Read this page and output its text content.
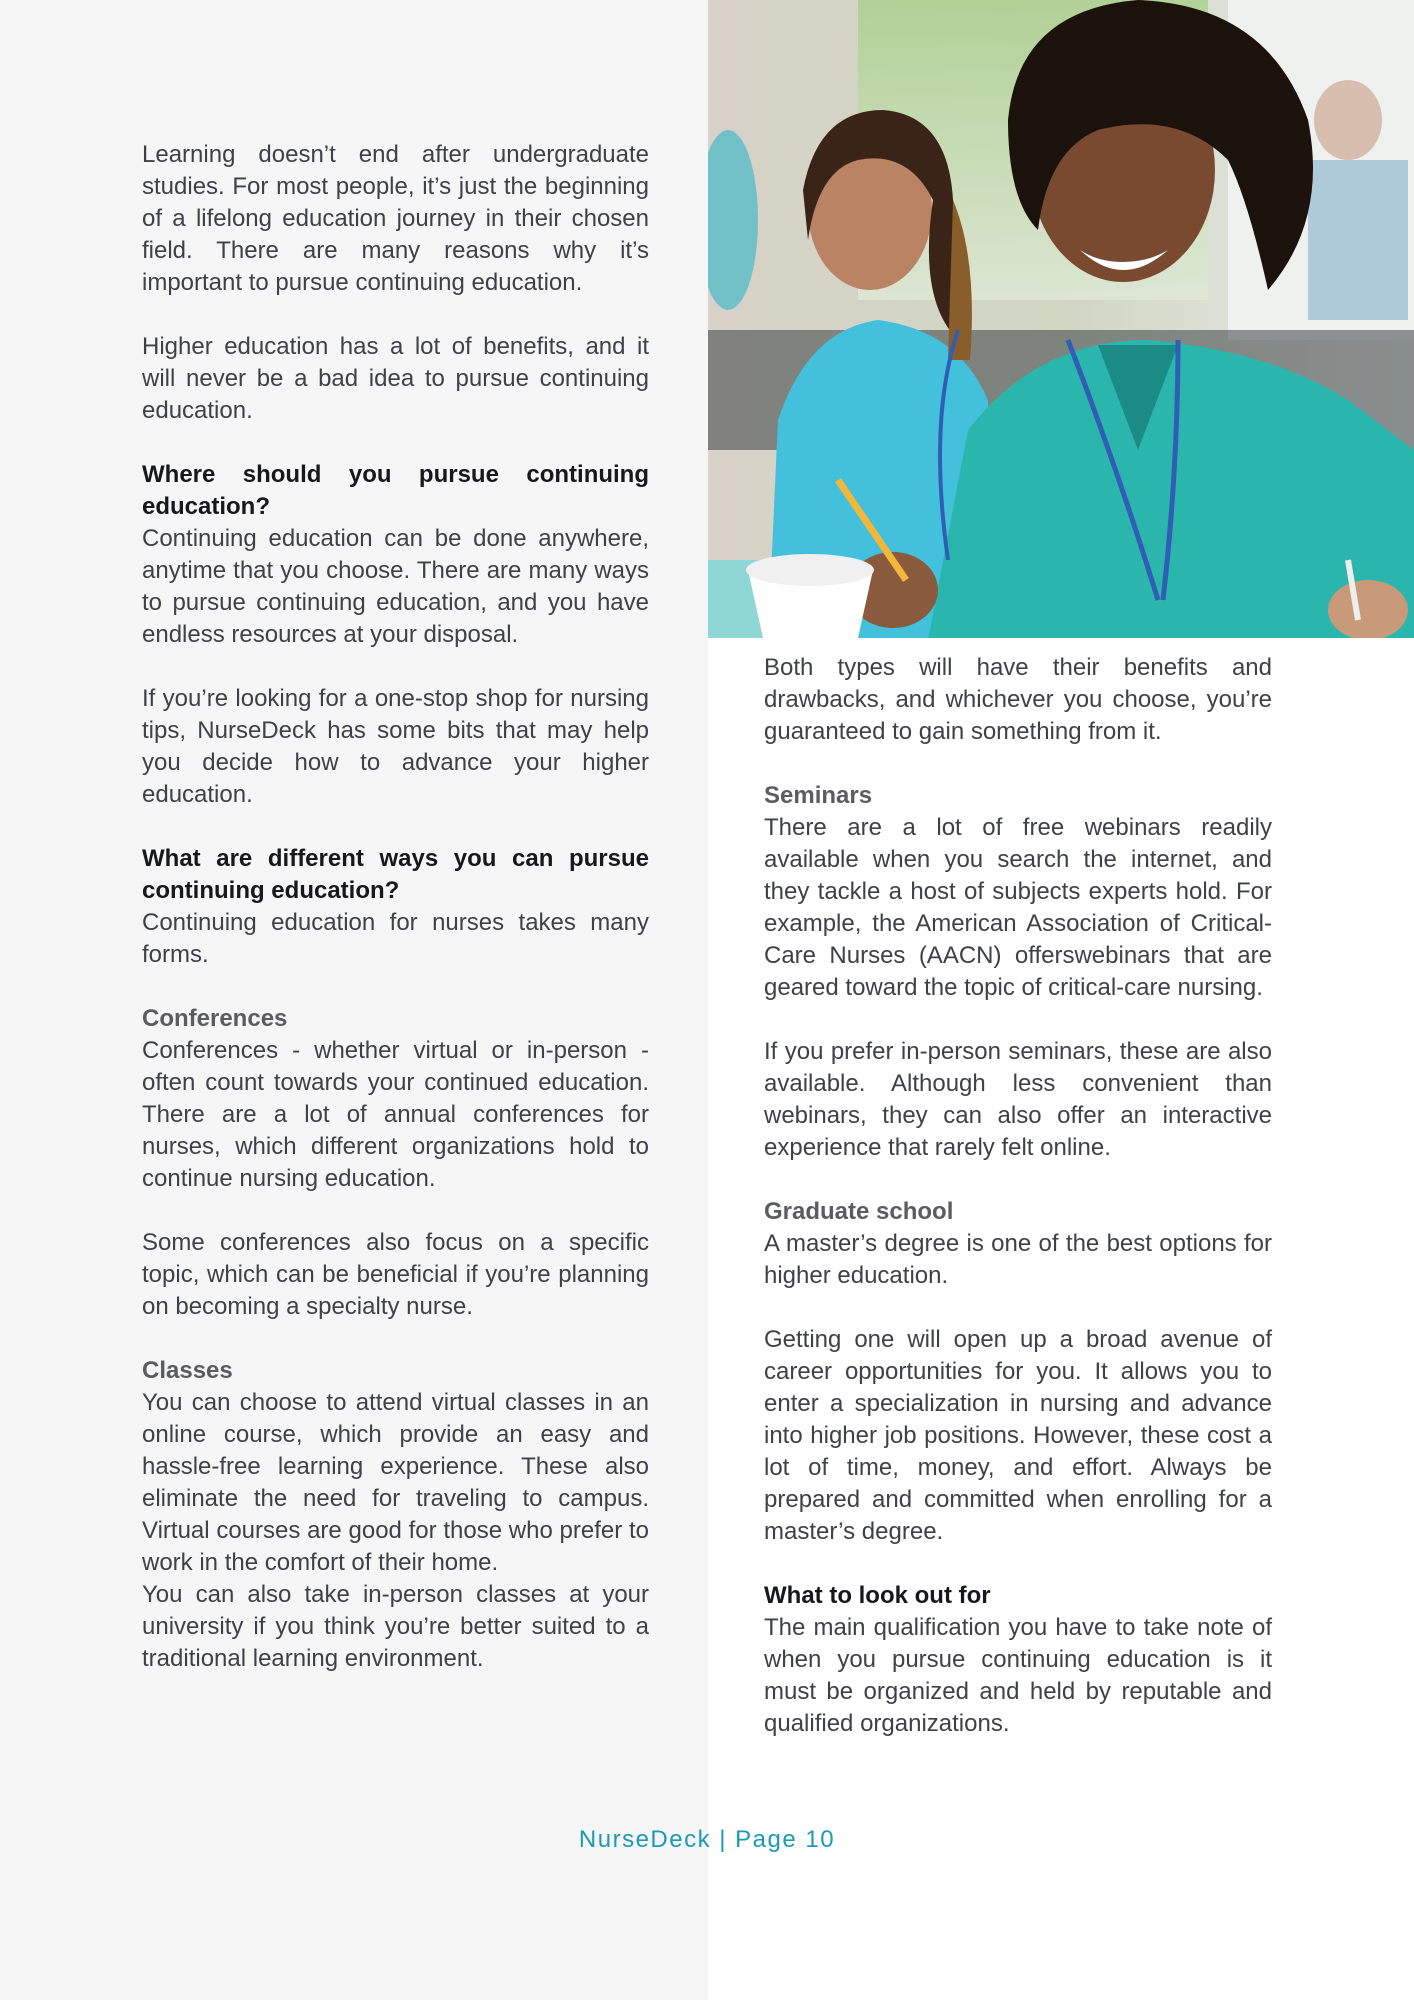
Learning doesn’t end after undergraduate studies. For most people, it’s just the beginning of a lifelong education journey in their chosen field. There are many reasons why it’s important to pursue continuing education.

Higher education has a lot of benefits, and it will never be a bad idea to pursue continuing education.

Where should you pursue continuing education?

Continuing education can be done anywhere, anytime that you choose. There are many ways to pursue continuing education, and you have endless resources at your disposal.

If you’re looking for a one-stop shop for nursing tips, NurseDeck has some bits that may help you decide how to advance your higher education.

What are different ways you can pursue continuing education?

Continuing education for nurses takes many forms.

Conferences

Conferences - whether virtual or in-person - often count towards your continued education. There are a lot of annual conferences for nurses, which different organizations hold to continue nursing education.

Some conferences also focus on a specific topic, which can be beneficial if you’re planning on becoming a specialty nurse.

Classes

You can choose to attend virtual classes in an online course, which provide an easy and hassle-free learning experience. These also eliminate the need for traveling to campus. Virtual courses are good for those who prefer to work in the comfort of their home.

You can also take in-person classes at your university if you think you’re better suited to a traditional learning environment.

Both types will have their benefits and drawbacks, and whichever you choose, you’re guaranteed to gain something from it.

Seminars

There are a lot of free webinars readily available when you search the internet, and they tackle a host of subjects experts hold. For example, the American Association of Critical-Care Nurses (AACN) offerswebinars that are geared toward the topic of critical-care nursing.

If you prefer in-person seminars, these are also available. Although less convenient than webinars, they can also offer an interactive experience that rarely felt online.

Graduate school

A master’s degree is one of the best options for higher education.

Getting one will open up a broad avenue of career opportunities for you. It allows you to enter a specialization in nursing and advance into higher job positions. However, these cost a lot of time, money, and effort. Always be prepared and committed when enrolling for a master’s degree.

What to look out for

The main qualification you have to take note of when you pursue continuing education is it must be organized and held by reputable and qualified organizations.

NurseDeck | Page 10
